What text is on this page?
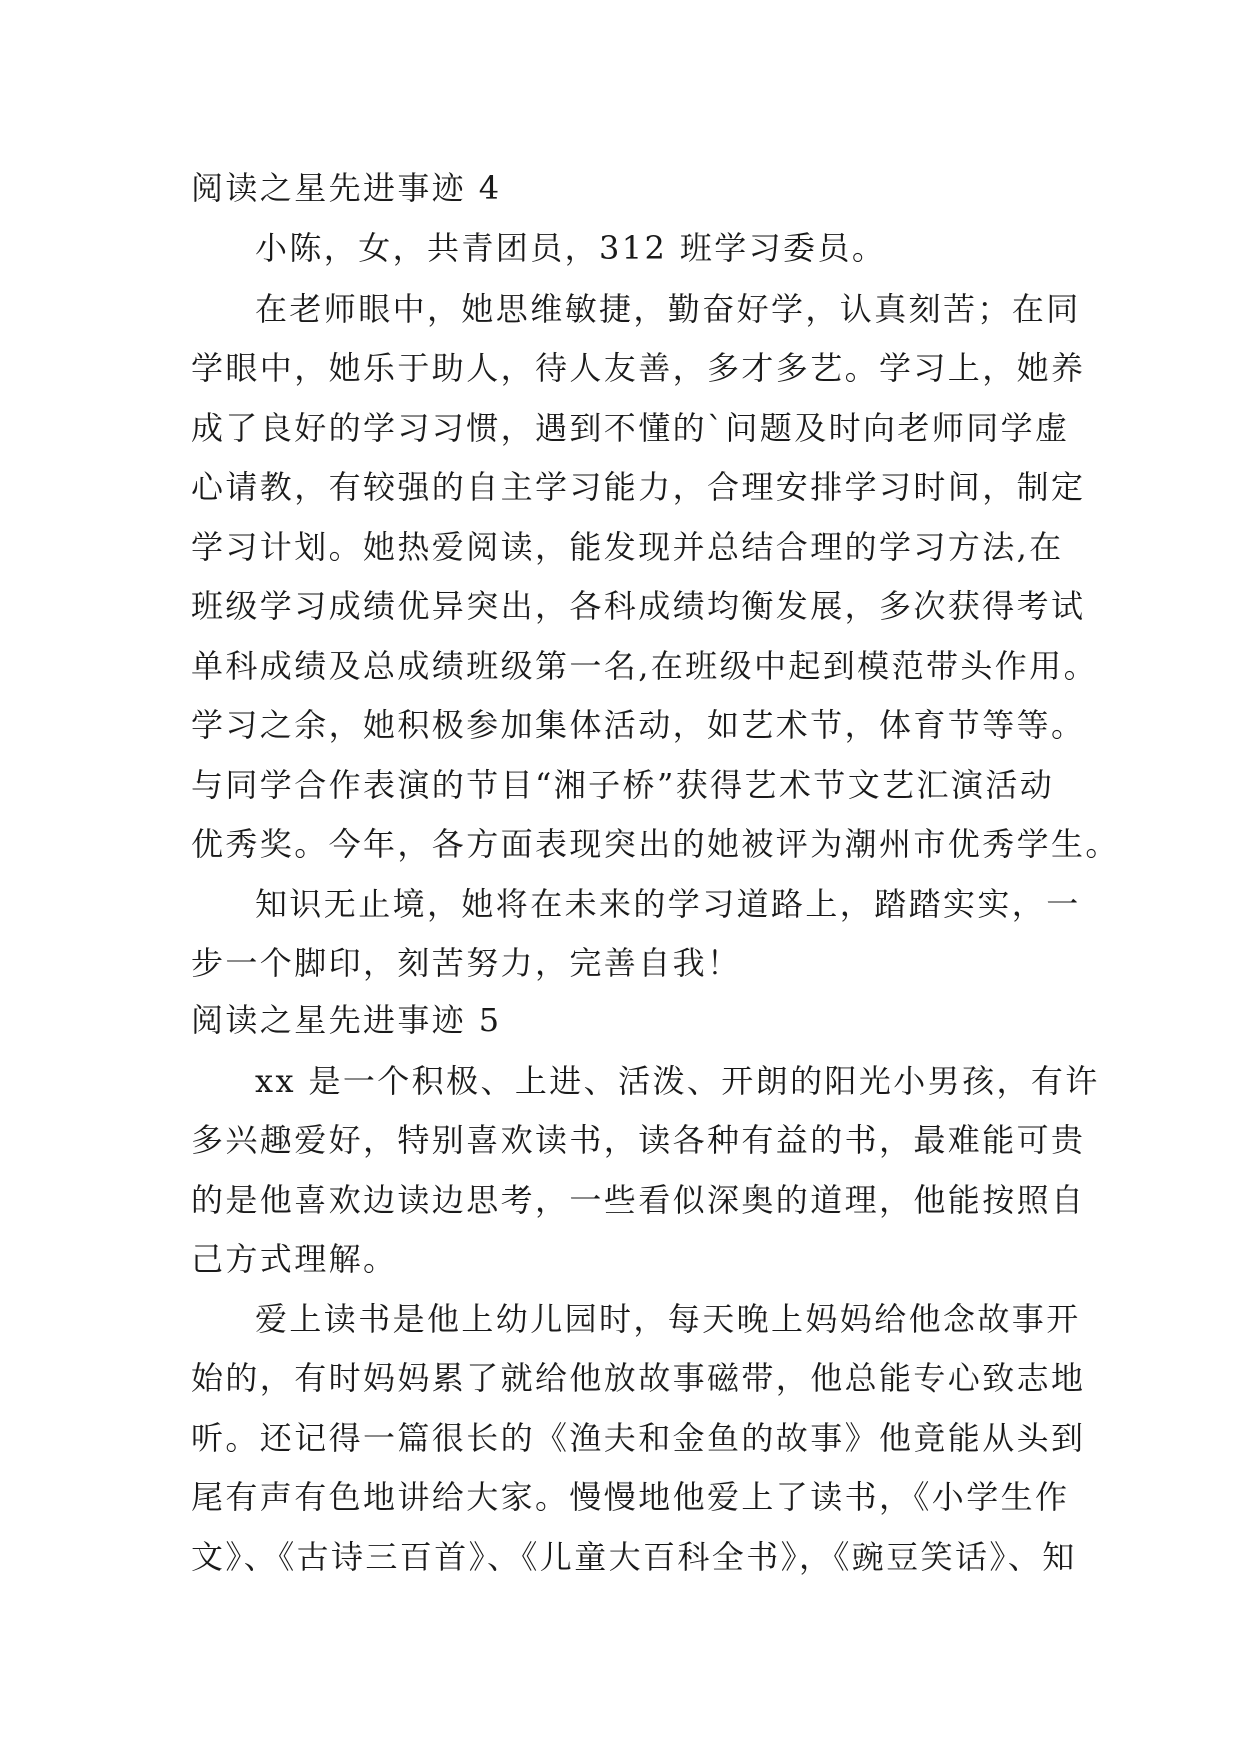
阅读之星先进事迹 4
小陈，女，共青团员，312 班学习委员。
在老师眼中，她思维敏捷，勤奋好学，认真刻苦；在同
学眼中，她乐于助人，待人友善，多才多艺。学习上，她养
成了良好的学习习惯，遇到不懂的`问题及时向老师同学虚
心请教，有较强的自主学习能力，合理安排学习时间，制定
学习计划。她热爱阅读，能发现并总结合理的学习方法,在
班级学习成绩优异突出，各科成绩均衡发展，多次获得考试
单科成绩及总成绩班级第一名,在班级中起到模范带头作用。
学习之余，她积极参加集体活动，如艺术节，体育节等等。
与同学合作表演的节目“湘子桥”获得艺术节文艺汇演活动
优秀奖。今年，各方面表现突出的她被评为潮州市优秀学生。
知识无止境，她将在未来的学习道路上，踏踏实实，一
步一个脚印，刻苦努力，完善自我！
阅读之星先进事迹 5
xx 是一个积极、上进、活泼、开朗的阳光小男孩，有许
多兴趣爱好，特别喜欢读书，读各种有益的书，最难能可贵
的是他喜欢边读边思考，一些看似深奥的道理，他能按照自
己方式理解。
爱上读书是他上幼儿园时，每天晚上妈妈给他念故事开
始的，有时妈妈累了就给他放故事磁带，他总能专心致志地
听。还记得一篇很长的《渔夫和金鱼的故事》他竟能从头到
尾有声有色地讲给大家。慢慢地他爱上了读书，《小学生作
文》、《古诗三百首》、《儿童大百科全书》，《豌豆笑话》、知
